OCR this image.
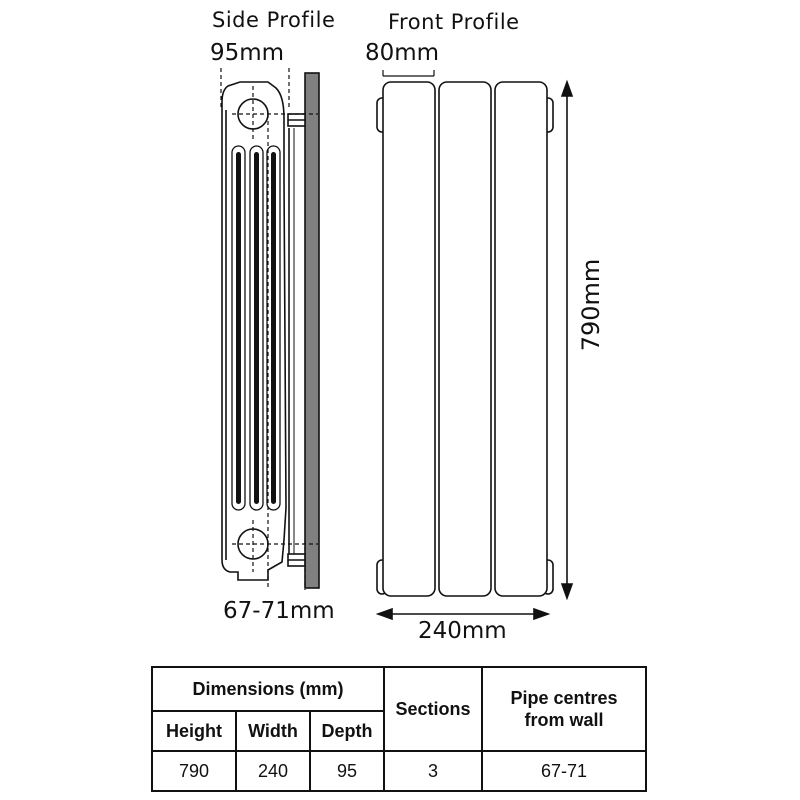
Side Profile	Front Profile
95mm	80mm
67-71mm
240mm
790mm
Dimensions (mm)			Sections	Pipe centres
from wall

Height	Width	Depth		
790	240	95	3	67-71
